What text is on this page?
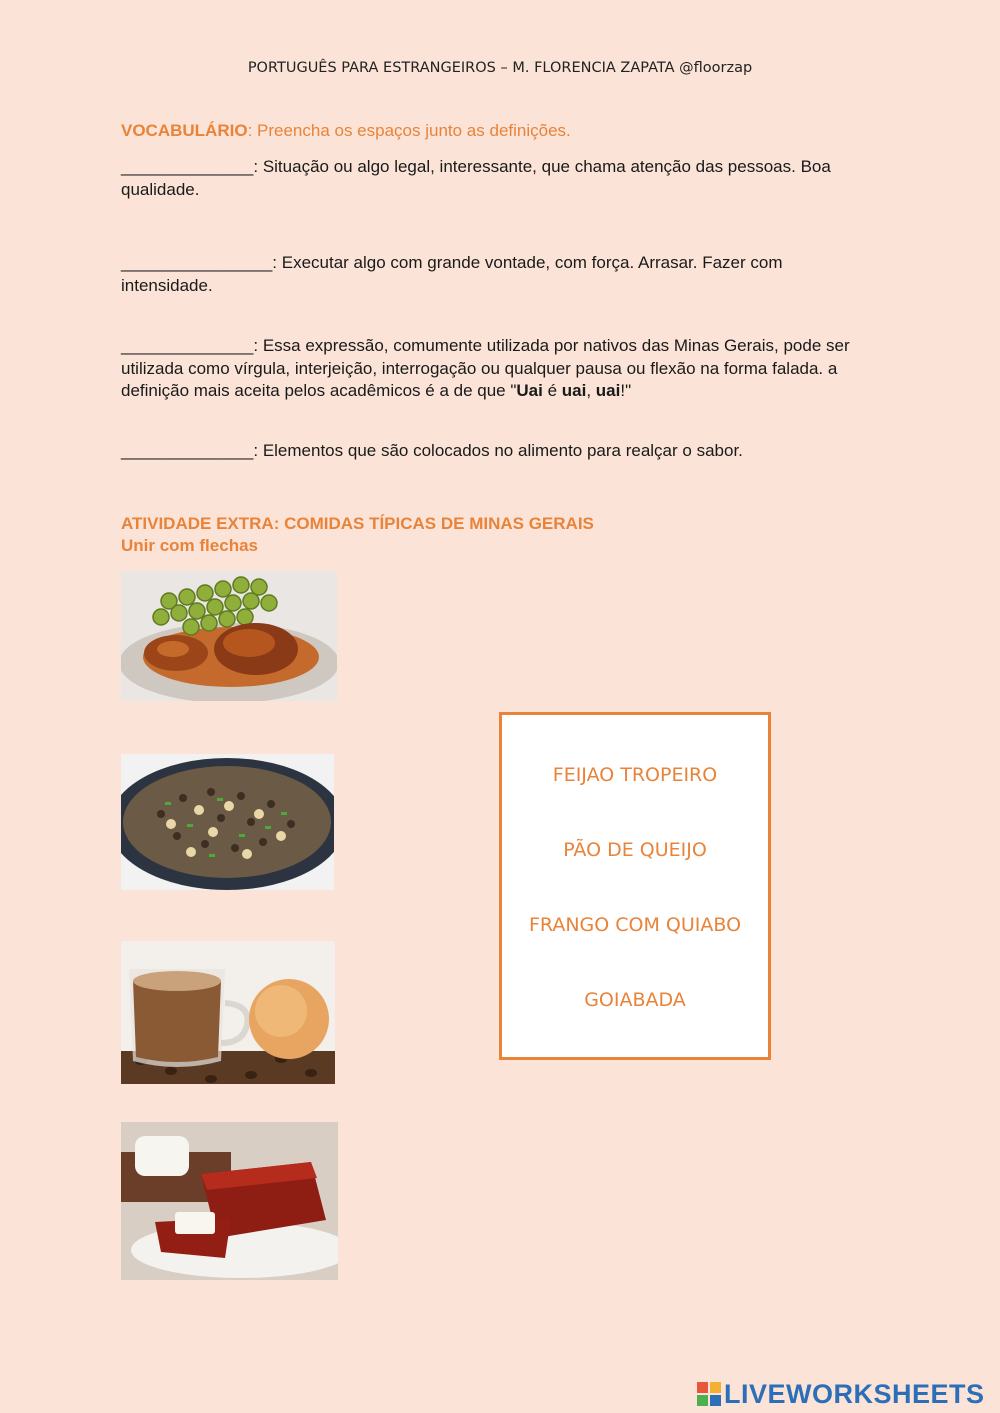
PORTUGUÊS PARA ESTRANGEIROS – M. FLORENCIA ZAPATA @floorzap
VOCABULÁRIO: Preencha os espaços junto as definições.
______________: Situação ou algo legal, interessante, que chama atenção das pessoas. Boa qualidade.
________________: Executar algo com grande vontade, com força. Arrasar. Fazer com intensidade.
______________: Essa expressão, comumente utilizada por nativos das Minas Gerais, pode ser utilizada como vírgula, interjeição, interrogação ou qualquer pausa ou flexão na forma falada. a definição mais aceita pelos acadêmicos é a de que "Uai é uai, uai!"
______________: Elementos que são colocados no alimento para realçar o sabor.
ATIVIDADE EXTRA: COMIDAS TÍPICAS DE MINAS GERAIS
Unir com flechas
FEIJAO TROPEIRO
PÃO DE QUEIJO
FRANGO COM QUIABO
GOIABADA
LIVEWORKSHEETS
